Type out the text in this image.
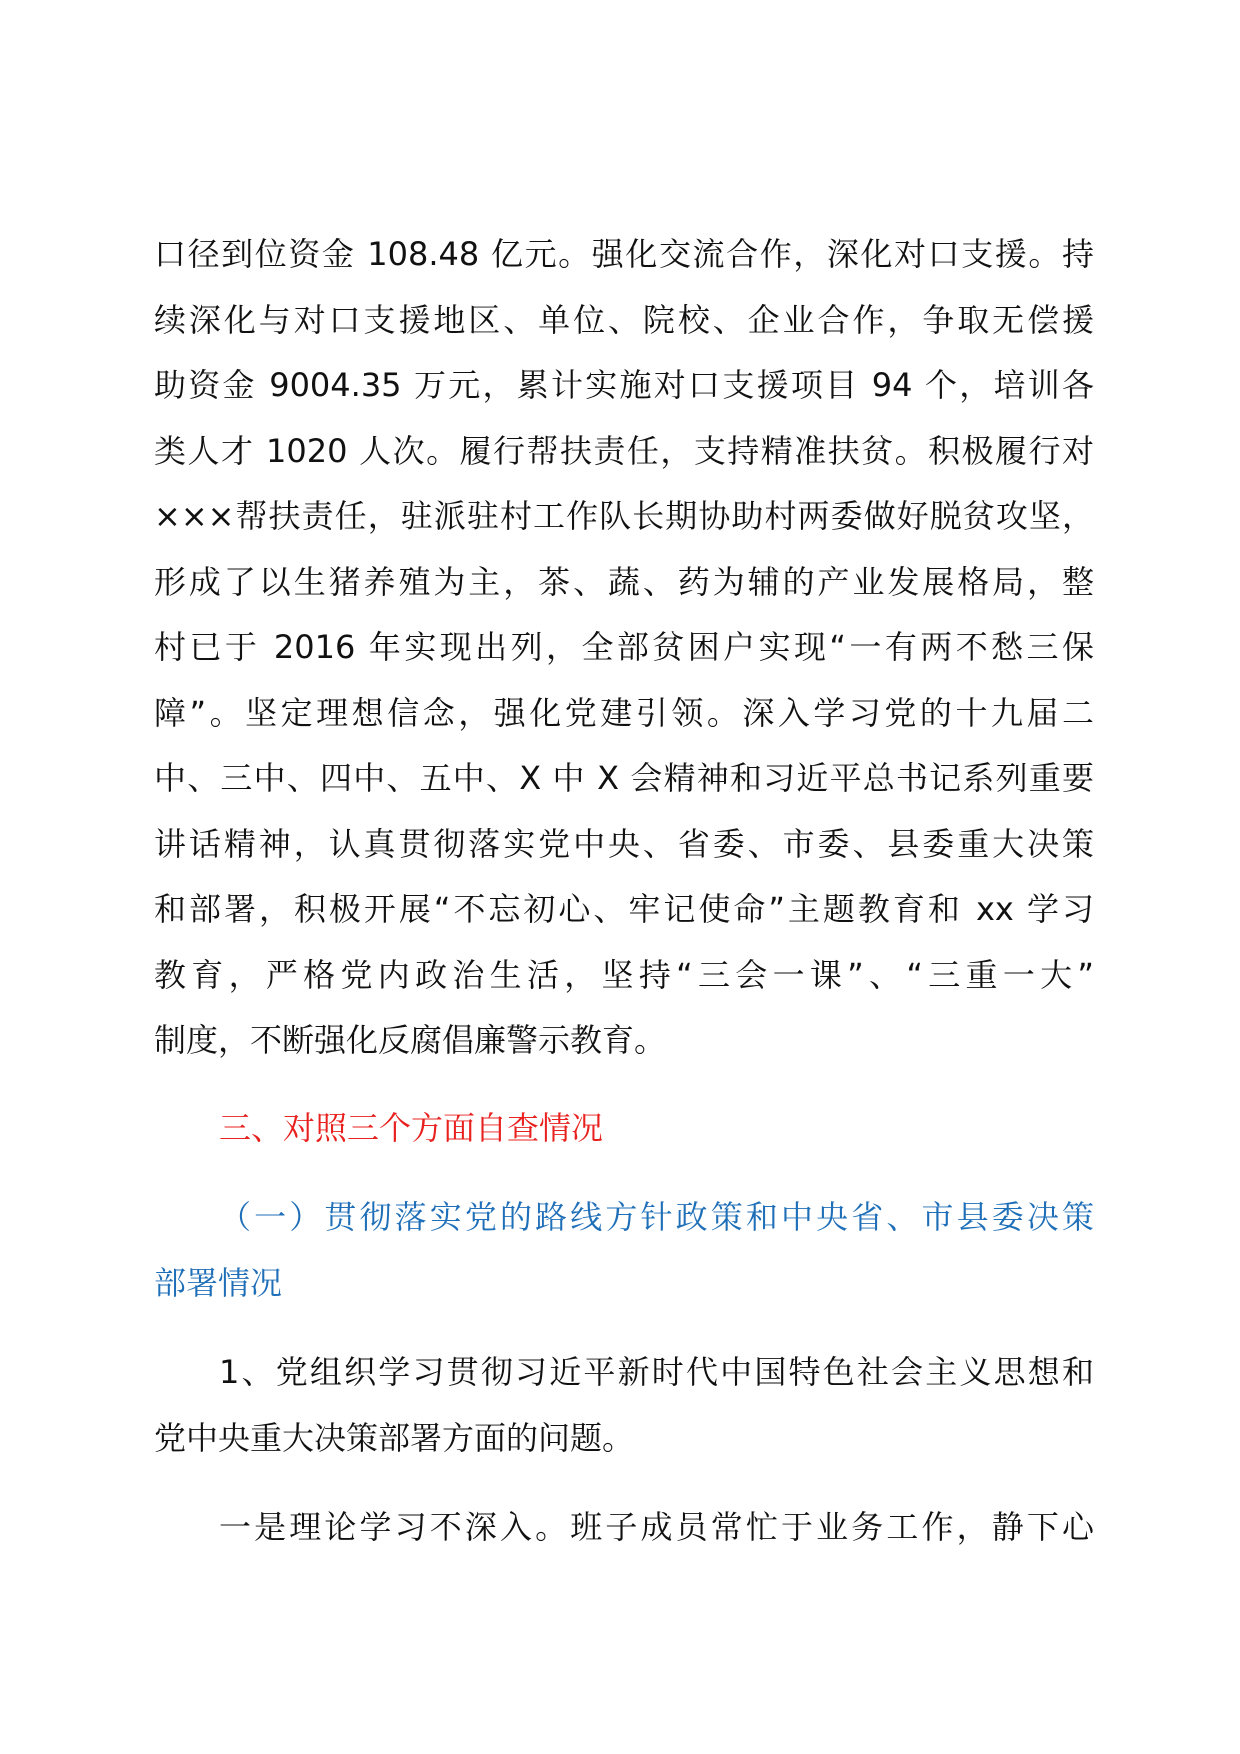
口径到位资金 108.48 亿元。强化交流合作，深化对口支援。持
续深化与对口支援地区、单位、院校、企业合作，争取无偿援
助资金 9004.35 万元，累计实施对口支援项目 94 个，培训各
类人才 1020 人次。履行帮扶责任，支持精准扶贫。积极履行对
×××帮扶责任，驻派驻村工作队长期协助村两委做好脱贫攻坚，
形成了以生猪养殖为主，茶、蔬、药为辅的产业发展格局，整
村已于 2016 年实现出列，全部贫困户实现“一有两不愁三保
障”。坚定理想信念，强化党建引领。深入学习党的十九届二
中、三中、四中、五中、X 中 X 会精神和习近平总书记系列重要
讲话精神，认真贯彻落实党中央、省委、市委、县委重大决策
和部署，积极开展“不忘初心、牢记使命”主题教育和 xx 学习
教育，严格党内政治生活，坚持“三会一课”、“三重一大”
制度，不断强化反腐倡廉警示教育。

三、对照三个方面自查情况

（一）贯彻落实党的路线方针政策和中央省、市县委决策
部署情况

1、党组织学习贯彻习近平新时代中国特色社会主义思想和
党中央重大决策部署方面的问题。

一是理论学习不深入。班子成员常忙于业务工作，静下心
